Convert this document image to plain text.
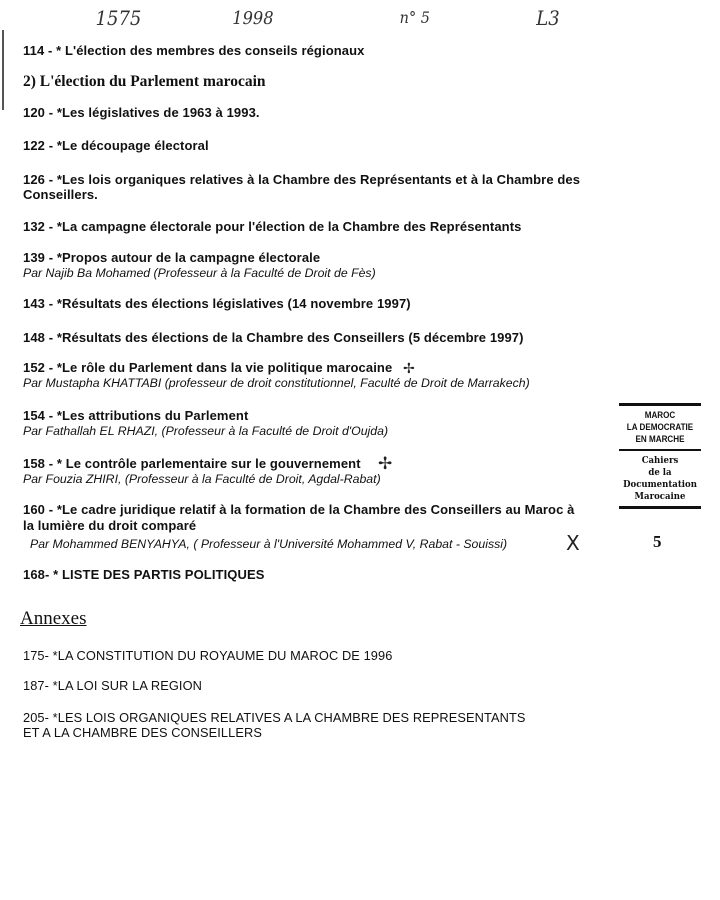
1575	1998	n° 5	L3
114 - * L'élection des membres des conseils régionaux
2) L'élection du Parlement marocain
120 - *Les législatives de 1963 à 1993.
122 - *Le découpage électoral
126 - *Les lois organiques relatives à la Chambre des Représentants et à la Chambre des
Conseillers.
132 - *La campagne électorale pour l'élection de la Chambre des Représentants
139 - *Propos autour de la campagne électorale
Par Najib Ba Mohamed (Professeur à la Faculté de Droit de Fès)
143 - *Résultats des élections législatives (14 novembre 1997)
148 - *Résultats des élections de la Chambre des Conseillers (5 décembre 1997)
152 - *Le rôle du Parlement dans la vie politique marocaine ✢
Par Mustapha KHATTABI (professeur de droit constitutionnel, Faculté de Droit de Marrakech)
154 - *Les attributions du Parlement
Par Fathallah EL RHAZI, (Professeur à la Faculté de Droit d'Oujda)
158 - * Le contrôle parlementaire sur le gouvernement ✢
Par Fouzia ZHIRI, (Professeur à la Faculté de Droit, Agdal-Rabat)
160 - *Le cadre juridique relatif à la formation de la Chambre des Conseillers au Maroc à
la lumière du droit comparé
Par Mohammed BENYAHYA, ( Professeur à l'Université Mohammed V, Rabat - Souissi)	X
168- * LISTE DES PARTIS POLITIQUES
Annexes
175- *LA CONSTITUTION DU ROYAUME DU MAROC DE 1996
187- *LA LOI SUR LA REGION
205- *LES LOIS ORGANIQUES RELATIVES A LA CHAMBRE DES REPRESENTANTS
ET A LA CHAMBRE DES CONSEILLERS
MAROC
LA DEMOCRATIE
EN MARCHE
Cahiers
de la
Documentation
Marocaine
5
